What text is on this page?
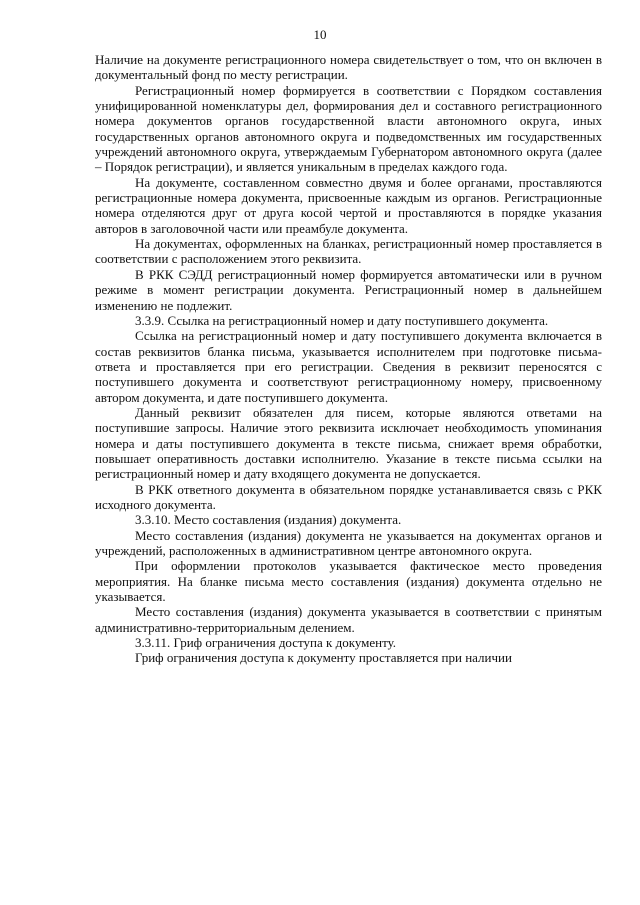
10

Наличие на документе регистрационного номера свидетельствует о том, что он включен в документальный фонд по месту регистрации.

Регистрационный номер формируется в соответствии с Порядком составления унифицированной номенклатуры дел, формирования дел и составного регистрационного номера документов органов государственной власти автономного округа, иных государственных органов автономного округа и подведомственных им государственных учреждений автономного округа, утверждаемым Губернатором автономного округа (далее – Порядок регистрации), и является уникальным в пределах каждого года.

На документе, составленном совместно двумя и более органами, проставляются регистрационные номера документа, присвоенные каждым из органов. Регистрационные номера отделяются друг от друга косой чертой и проставляются в порядке указания авторов в заголовочной части или преамбуле документа.

На документах, оформленных на бланках, регистрационный номер проставляется в соответствии с расположением этого реквизита.

В РКК СЭДД регистрационный номер формируется автоматически или в ручном режиме в момент регистрации документа. Регистрационный номер в дальнейшем изменению не подлежит.

3.3.9. Ссылка на регистрационный номер и дату поступившего документа.

Ссылка на регистрационный номер и дату поступившего документа включается в состав реквизитов бланка письма, указывается исполнителем при подготовке письма-ответа и проставляется при его регистрации. Сведения в реквизит переносятся с поступившего документа и соответствуют регистрационному номеру, присвоенному автором документа, и дате поступившего документа.

Данный реквизит обязателен для писем, которые являются ответами на поступившие запросы. Наличие этого реквизита исключает необходимость упоминания номера и даты поступившего документа в тексте письма, снижает время обработки, повышает оперативность доставки исполнителю. Указание в тексте письма ссылки на регистрационный номер и дату входящего документа не допускается.

В РКК ответного документа в обязательном порядке устанавливается связь с РКК исходного документа.

3.3.10. Место составления (издания) документа.

Место составления (издания) документа не указывается на документах органов и учреждений, расположенных в административном центре автономного округа.

При оформлении протоколов указывается фактическое место проведения мероприятия. На бланке письма место составления (издания) документа отдельно не указывается.

Место составления (издания) документа указывается в соответствии с принятым административно-территориальным делением.

3.3.11. Гриф ограничения доступа к документу.

Гриф ограничения доступа к документу проставляется при наличии
